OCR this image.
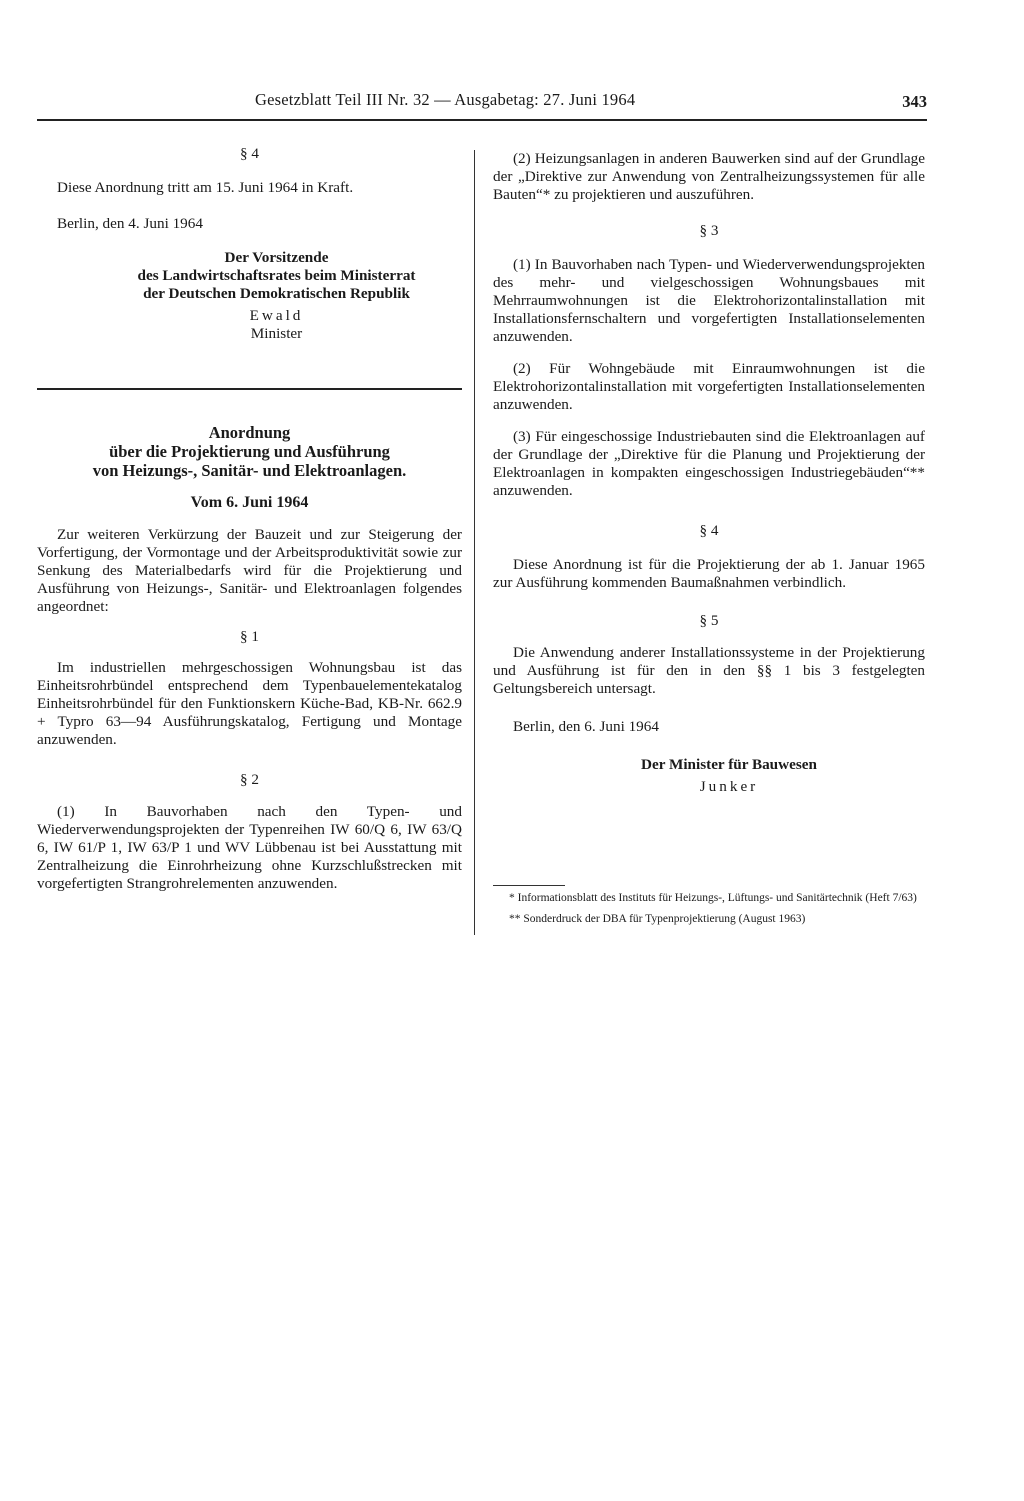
Gesetzblatt Teil III Nr. 32 — Ausgabetag: 27. Juni 1964	343

§ 4

Diese Anordnung tritt am 15. Juni 1964 in Kraft.

Berlin, den 4. Juni 1964

Der Vorsitzende

des Landwirtschaftsrates beim Ministerrat

der Deutschen Demokratischen Republik

Ewald

Minister

Anordnung
über die Projektierung und Ausführung
von Heizungs-, Sanitär- und Elektroanlagen.

Vom 6. Juni 1964

Zur weiteren Verkürzung der Bauzeit und zur Steigerung der Vorfertigung, der Vormontage und der Arbeitsproduktivität sowie zur Senkung des Materialbedarfs wird für die Projektierung und Ausführung von Heizungs-, Sanitär- und Elektroanlagen folgendes angeordnet:

§ 1

Im industriellen mehrgeschossigen Wohnungsbau ist das Einheitsrohrbündel entsprechend dem Typenbauelementekatalog Einheitsrohrbündel für den Funktionskern Küche-Bad, KB-Nr. 662.9 + Typro 63—94 Ausführungskatalog, Fertigung und Montage anzuwenden.

§ 2

(1) In Bauvorhaben nach den Typen- und Wiederverwendungsprojekten der Typenreihen IW 60/Q 6, IW 63/Q 6, IW 61/P 1, IW 63/P 1 und WV Lübbenau ist bei Ausstattung mit Zentralheizung die Einrohrheizung ohne Kurzschlußstrecken mit vorgefertigten Strangrohrelementen anzuwenden.

(2) Heizungsanlagen in anderen Bauwerken sind auf der Grundlage der „Direktive zur Anwendung von Zentralheizungssystemen für alle Bauten“* zu projektieren und auszuführen.

§ 3

(1) In Bauvorhaben nach Typen- und Wiederverwendungsprojekten des mehr- und vielgeschossigen Wohnungsbaues mit Mehrraumwohnungen ist die Elektrohorizontalinstallation mit Installationsfernschaltern und vorgefertigten Installationselementen anzuwenden.

(2) Für Wohngebäude mit Einraumwohnungen ist die Elektrohorizontalinstallation mit vorgefertigten Installationselementen anzuwenden.

(3) Für eingeschossige Industriebauten sind die Elektroanlagen auf der Grundlage der „Direktive für die Planung und Projektierung der Elektroanlagen in kompakten eingeschossigen Industriegebäuden“** anzuwenden.

§ 4

Diese Anordnung ist für die Projektierung der ab 1. Januar 1965 zur Ausführung kommenden Baumaßnahmen verbindlich.

§ 5

Die Anwendung anderer Installationssysteme in der Projektierung und Ausführung ist für den in den §§ 1 bis 3 festgelegten Geltungsbereich untersagt.

Berlin, den 6. Juni 1964

Der Minister für Bauwesen

Junker

* Informationsblatt des Instituts für Heizungs-, Lüftungs- und Sanitärtechnik (Heft 7/63)

** Sonderdruck der DBA für Typenprojektierung (August 1963)
